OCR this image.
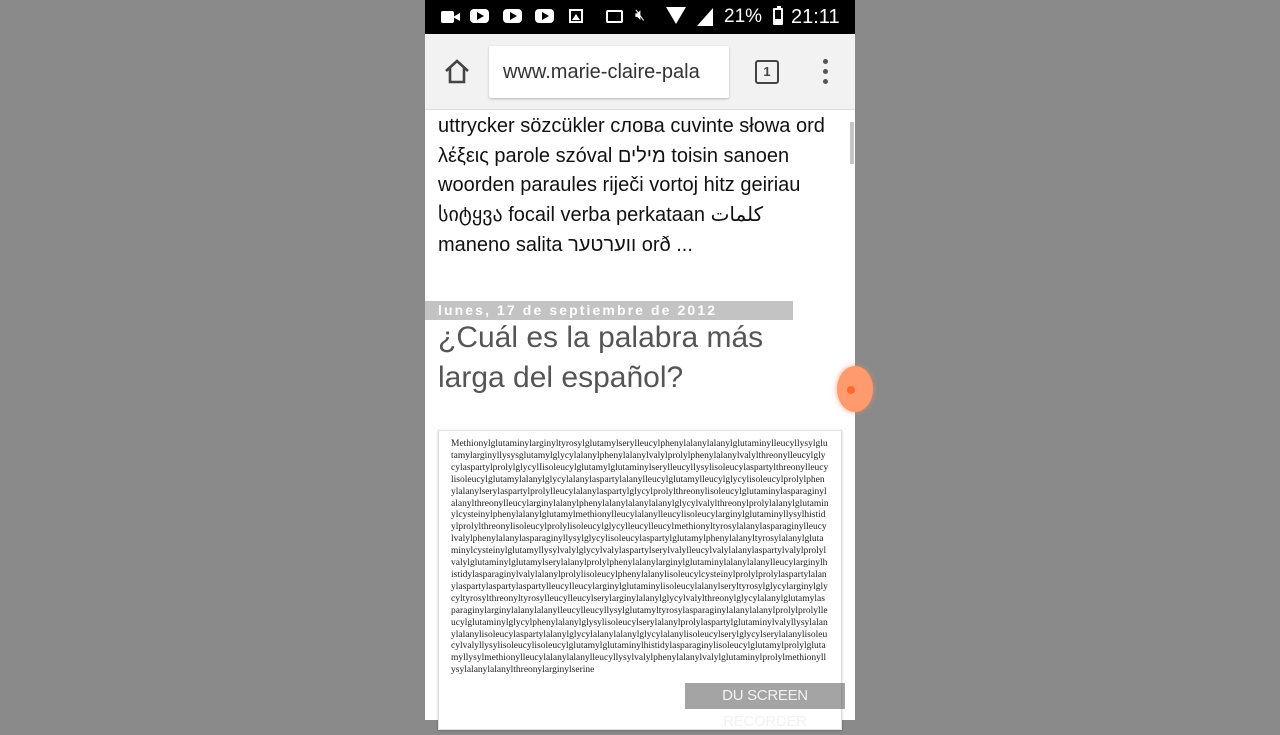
🔇︎	21% 21:11
www.marie-claire-pala	1

uttrycker sözcükler слова cuvinte słowa ord λέξεις parole szóval מילים toisin sanoen woorden paraules riječi vortoj hitz geiriau სიტყვა focail verba perkataan كلمات maneno salita ווערטער orð ...

lunes, 17 de septiembre de 2012
¿Cuál es la palabra más larga del español?

MethionylglutaminylarginyltyrosylglutamylserylleucylphenylalanylalanylglutaminylleucyllysylglutamylarginyllysysglutamylglycylalanylphenylalanylvalylprolylphenylalanylvalylthreonylleucylglycylaspartylprolylglycylIisoleucylglutamylglutaminylserylleucyllysylisoleucylaspartylthreonylleucylisoleucylglutamylalanylglycylalanylaspartylalanylleucylglutamylleucylglycylisoleucylprolylphenylalanylserylaspartylprolylleucylalanylaspartylglycylprolylthreonylisoleucylglutaminylasparaginylalanylthreonylleucylarginylalanylphenylalanylalanylalanylglycylvalylthreonylprolylalanylglutaminylcysteinylphenylalanylglutamylmethionylleucylalanylleucylisoleucylarginylglutaminyllysylhistidylprolylthreonylisoleucylprolylisoleucylglycylleucylleucylmethionyltyrosylalanylasparaginylleucylvalylphenylalanylasparaginyllysylglycylisoleucylaspartylglutamylphenylalanyltyrosylalanylglutaminylcysteinylglutamyllysylvalylglycylvalylaspartylserylvalylleucylvalylalanylaspartylvalylprolylvalylglutaminylglutamylserylalanylprolylphenylalanylarginylglutaminylalanylalanylleucylarginylhistidylasparaginylvalylalanylprolylisoleucylphenylalanylisoleucylcysteinylprolylprolylaspartylalanylaspartylaspartylaspartylleucylleucylarginylglutaminylisoleucylalanylseryltyrosylglycylarginylglycyltyrosylthreonyltyrosylleucylleucylserylarginylalanylglycylvalylthreonylglycylalanylglutamylasparaginylarginylalanylalanylleucylleucyllysylglutamyltyrosylasparaginylalanylalanylprolylprolylleucylglutaminylglycylphenylalanylglysylisoleucylserylalanylprolylaspartylglutaminylvalyllysylalanylalanylisoleucylaspartylalanylglycylalanylalanylglycylalanylisoleucylserylglycylserylalanylisoleucylvalyllysylisoleucylisoleucylglutamylglutaminylhistidylasparaginylisoleucylglutamylprolylglutamyllysylmethionylleucylalanylalanylleucyllysylvalylphenylalanylvalylglutaminylprolylmethionyllysylalanylalanylthreonylarginylserine

DU SCREEN RECORDER
